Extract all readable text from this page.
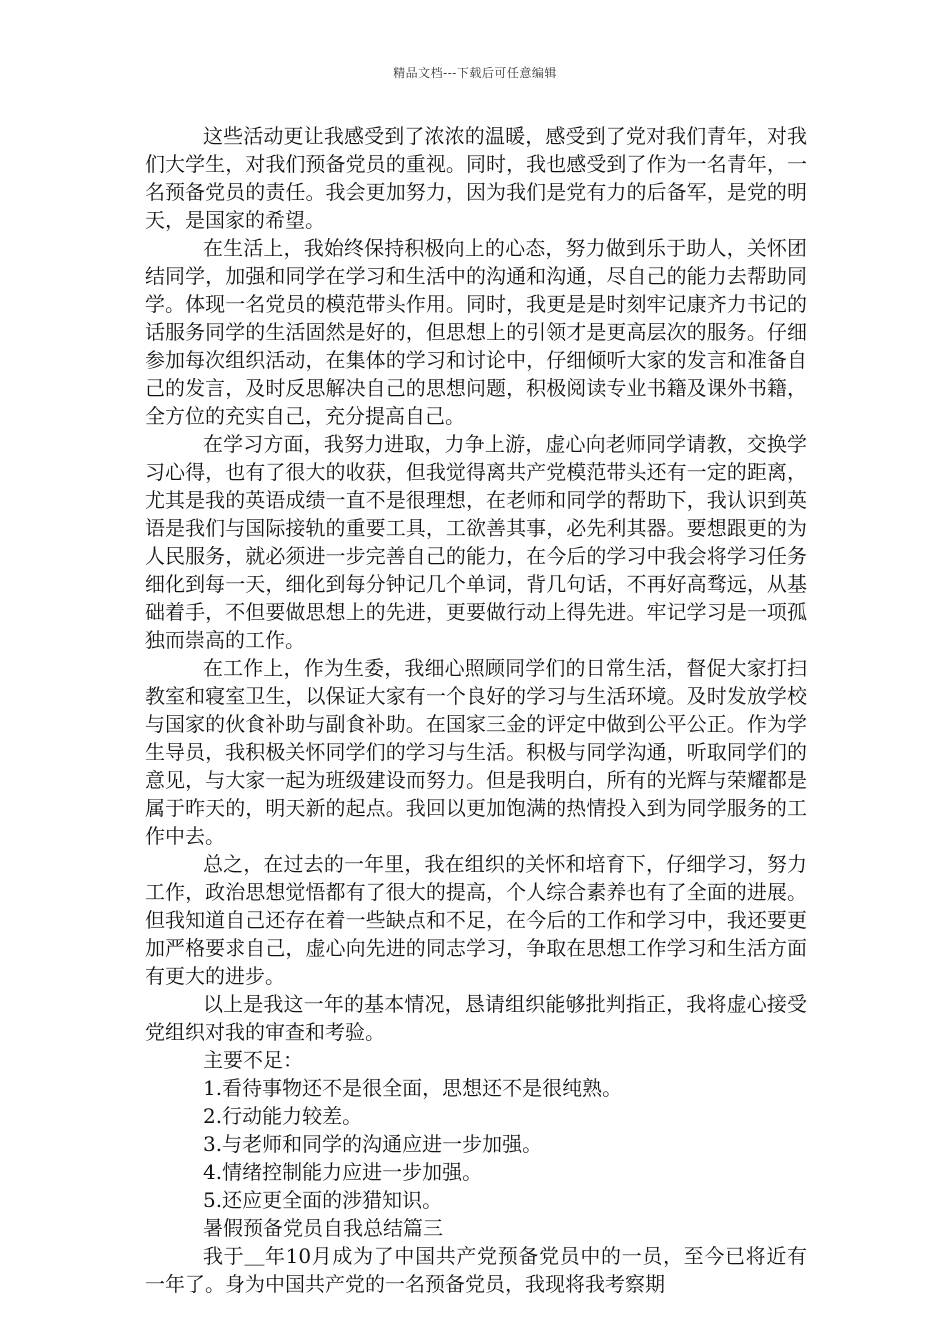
精品文档---下载后可任意编辑

这些活动更让我感受到了浓浓的温暖，感受到了党对我们青年，对我们大学生，对我们预备党员的重视。同时，我也感受到了作为一名青年，一名预备党员的责任。我会更加努力，因为我们是党有力的后备军，是党的明天，是国家的希望。

在生活上，我始终保持积极向上的心态，努力做到乐于助人，关怀团结同学，加强和同学在学习和生活中的沟通和沟通，尽自己的能力去帮助同学。体现一名党员的模范带头作用。同时，我更是是时刻牢记康齐力书记的话服务同学的生活固然是好的，但思想上的引领才是更高层次的服务。仔细参加每次组织活动，在集体的学习和讨论中，仔细倾听大家的发言和准备自己的发言，及时反思解决自己的思想问题，积极阅读专业书籍及课外书籍，全方位的充实自己，充分提高自己。

在学习方面，我努力进取，力争上游，虚心向老师同学请教，交换学习心得，也有了很大的收获，但我觉得离共产党模范带头还有一定的距离，尤其是我的英语成绩一直不是很理想，在老师和同学的帮助下，我认识到英语是我们与国际接轨的重要工具，工欲善其事，必先利其器。要想跟更的为人民服务，就必须进一步完善自己的能力，在今后的学习中我会将学习任务细化到每一天，细化到每分钟记几个单词，背几句话，不再好高骛远，从基础着手，不但要做思想上的先进，更要做行动上得先进。牢记学习是一项孤独而崇高的工作。

在工作上，作为生委，我细心照顾同学们的日常生活，督促大家打扫教室和寝室卫生，以保证大家有一个良好的学习与生活环境。及时发放学校与国家的伙食补助与副食补助。在国家三金的评定中做到公平公正。作为学生导员，我积极关怀同学们的学习与生活。积极与同学沟通，听取同学们的意见，与大家一起为班级建设而努力。但是我明白，所有的光辉与荣耀都是属于昨天的，明天新的起点。我回以更加饱满的热情投入到为同学服务的工作中去。

总之，在过去的一年里，我在组织的关怀和培育下，仔细学习，努力工作，政治思想觉悟都有了很大的提高，个人综合素养也有了全面的进展。但我知道自己还存在着一些缺点和不足，在今后的工作和学习中，我还要更加严格要求自己，虚心向先进的同志学习，争取在思想工作学习和生活方面有更大的进步。

以上是我这一年的基本情况，恳请组织能够批判指正，我将虚心接受党组织对我的审查和考验。

主要不足：

1.看待事物还不是很全面，思想还不是很纯熟。

2.行动能力较差。

3.与老师和同学的沟通应进一步加强。

4.情绪控制能力应进一步加强。

5.还应更全面的涉猎知识。

暑假预备党员自我总结篇三

我于＿年10月成为了中国共产党预备党员中的一员，至今已将近有一年了。身为中国共产党的一名预备党员，我现将我考察期
